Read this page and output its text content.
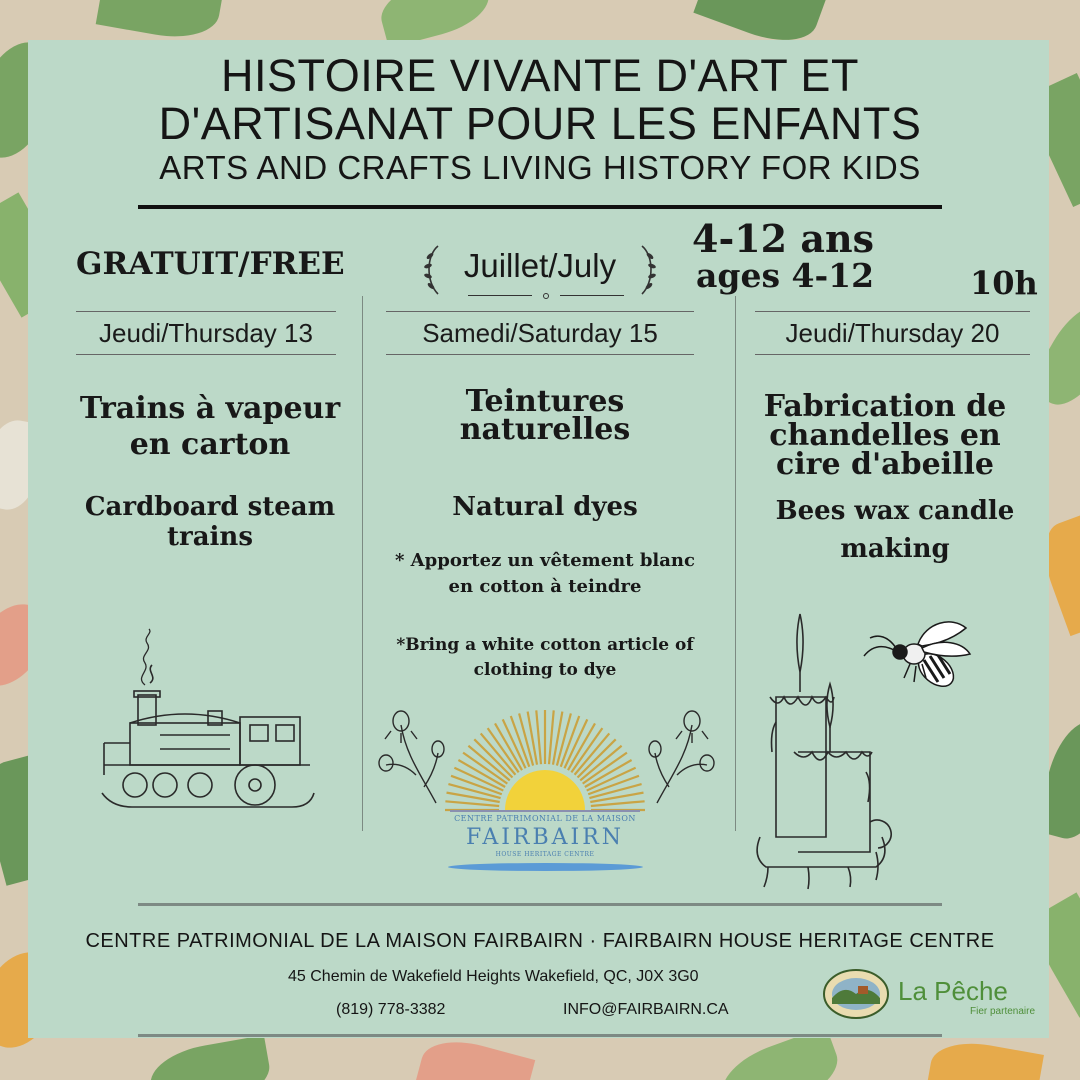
HISTOIRE VIVANTE D'ART ET
D'ARTISANAT POUR LES ENFANTS
ARTS AND CRAFTS LIVING HISTORY FOR KIDS
GRATUIT/FREE	Juillet/July
4-12 ans
ages 4-12	10h
Jeudi/Thursday 13
Trains à vapeur
en carton
Cardboard steam
trains
Samedi/Saturday 15
Teintures
naturelles
Natural dyes
* Apportez un vêtement blanc
en cotton à teindre
*Bring a white cotton article of
clothing to dye
Jeudi/Thursday 20
Fabrication de
chandelles en
cire d'abeille
Bees wax candle
making
CENTRE PATRIMONIAL DE LA MAISON
FAIRBAIRN
HOUSE HERITAGE CENTRE
CENTRE PATRIMONIAL DE LA MAISON FAIRBAIRN · FAIRBAIRN HOUSE HERITAGE CENTRE
45 Chemin de Wakefield Heights Wakefield, QC, J0X 3G0
(819) 778-3382	INFO@FAIRBAIRN.CA
La Pêche
Fier partenaire
